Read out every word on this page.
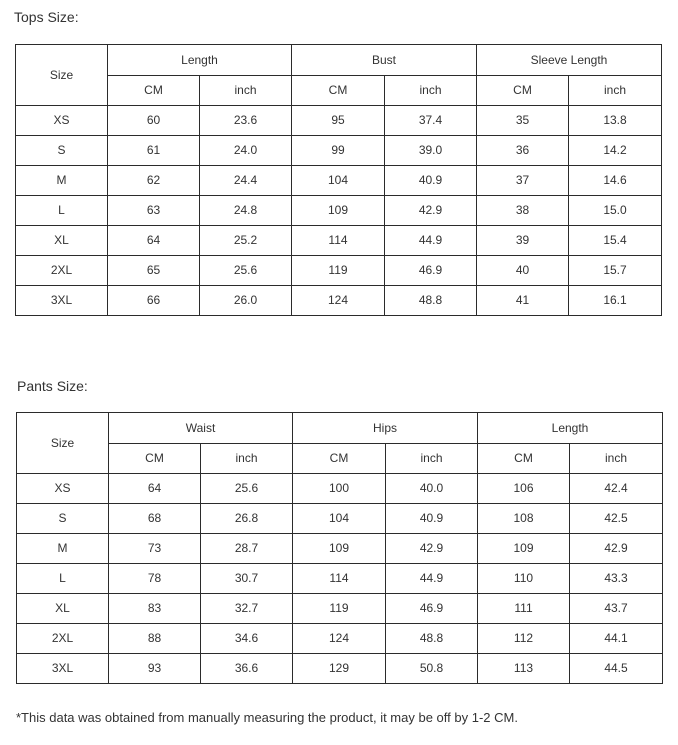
Tops Size:
Size	Length		Bust		Sleeve Length	
	CM	inch	CM	inch	CM	inch
XS	60	23.6	95	37.4	35	13.8
S	61	24.0	99	39.0	36	14.2
M	62	24.4	104	40.9	37	14.6
L	63	24.8	109	42.9	38	15.0
XL	64	25.2	114	44.9	39	15.4
2XL	65	25.6	119	46.9	40	15.7
3XL	66	26.0	124	48.8	41	16.1
Pants Size:
Size	Waist		Hips		Length	
	CM	inch	CM	inch	CM	inch
XS	64	25.6	100	40.0	106	42.4
S	68	26.8	104	40.9	108	42.5
M	73	28.7	109	42.9	109	42.9
L	78	30.7	114	44.9	110	43.3
XL	83	32.7	119	46.9	111	43.7
2XL	88	34.6	124	48.8	112	44.1
3XL	93	36.6	129	50.8	113	44.5
*This data was obtained from manually measuring the product, it may be off by 1-2 CM.
